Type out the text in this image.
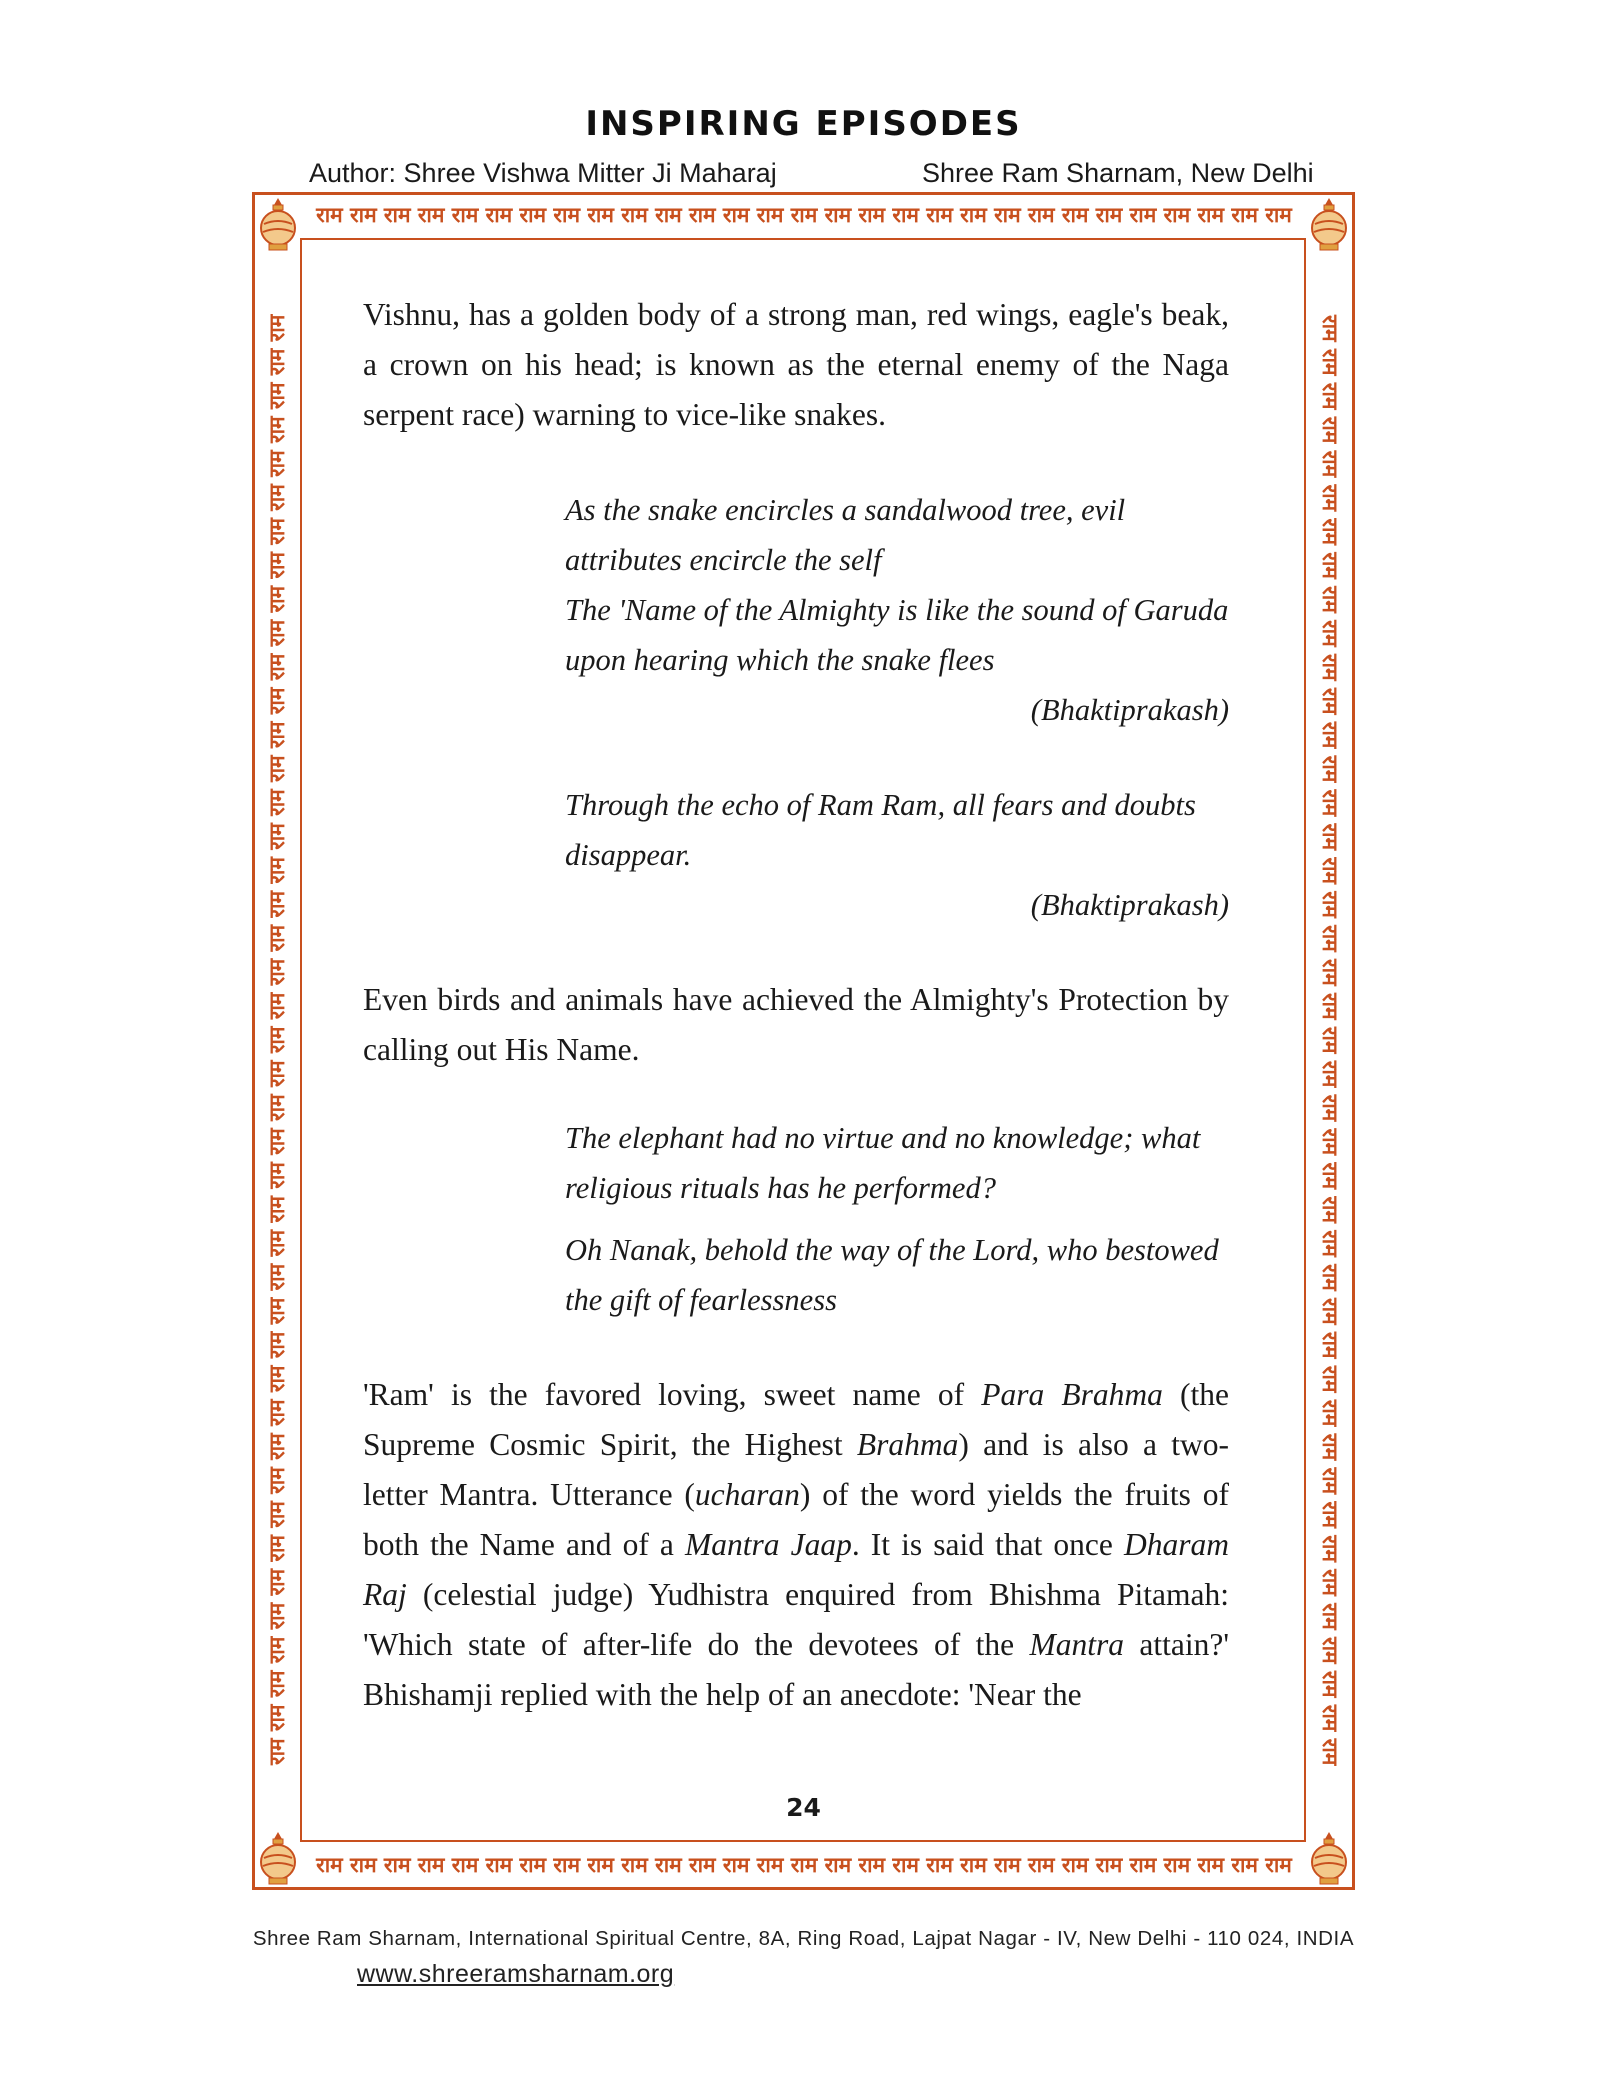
INSPIRING EPISODES
Author: Shree Vishwa Mitter Ji Maharaj	Shree Ram Sharnam, New Delhi
राम राम राम राम राम राम राम राम राम राम राम राम राम राम राम राम राम राम राम राम राम राम राम राम राम राम राम राम राम
राम राम राम राम राम राम राम राम राम राम राम राम राम राम राम राम राम राम राम राम राम राम राम राम राम राम राम राम राम
राम राम राम राम राम राम राम राम राम राम राम राम राम राम राम राम राम राम राम राम राम राम राम राम राम राम राम राम राम राम राम राम राम राम राम राम राम राम राम राम राम राम राम	राम राम राम राम राम राम राम राम राम राम राम राम राम राम राम राम राम राम राम राम राम राम राम राम राम राम राम राम राम राम राम राम राम राम राम राम राम राम राम राम राम राम राम

Vishnu, has a golden body of a strong man, red wings, eagle's beak, a crown on his head; is known as the eternal enemy of the Naga serpent race) warning to vice-like snakes.

As the snake encircles a sandalwood tree, evil attributes encircle the self

The 'Name of the Almighty is like the sound of Garuda upon hearing which the snake flees

(Bhaktiprakash)

Through the echo of Ram Ram, all fears and doubts disappear.

(Bhaktiprakash)

Even birds and animals have achieved the Almighty's Protection by calling out His Name.

The elephant had no virtue and no knowledge; what religious rituals has he performed?

Oh Nanak, behold the way of the Lord, who bestowed the gift of fearlessness

'Ram' is the favored loving, sweet name of Para Brahma (the Supreme Cosmic Spirit, the Highest Brahma) and is also a two-letter Mantra. Utterance (ucharan) of the word yields the fruits of both the Name and of a Mantra Jaap. It is said that once Dharam Raj (celestial judge) Yudhistra enquired from Bhishma Pitamah: 'Which state of after-life do the devotees of the Mantra attain?' Bhishamji replied with the help of an anecdote: 'Near the

24
Shree Ram Sharnam, International Spiritual Centre, 8A, Ring Road, Lajpat Nagar - IV, New Delhi - 110 024, INDIA
www.shreeramsharnam.org
